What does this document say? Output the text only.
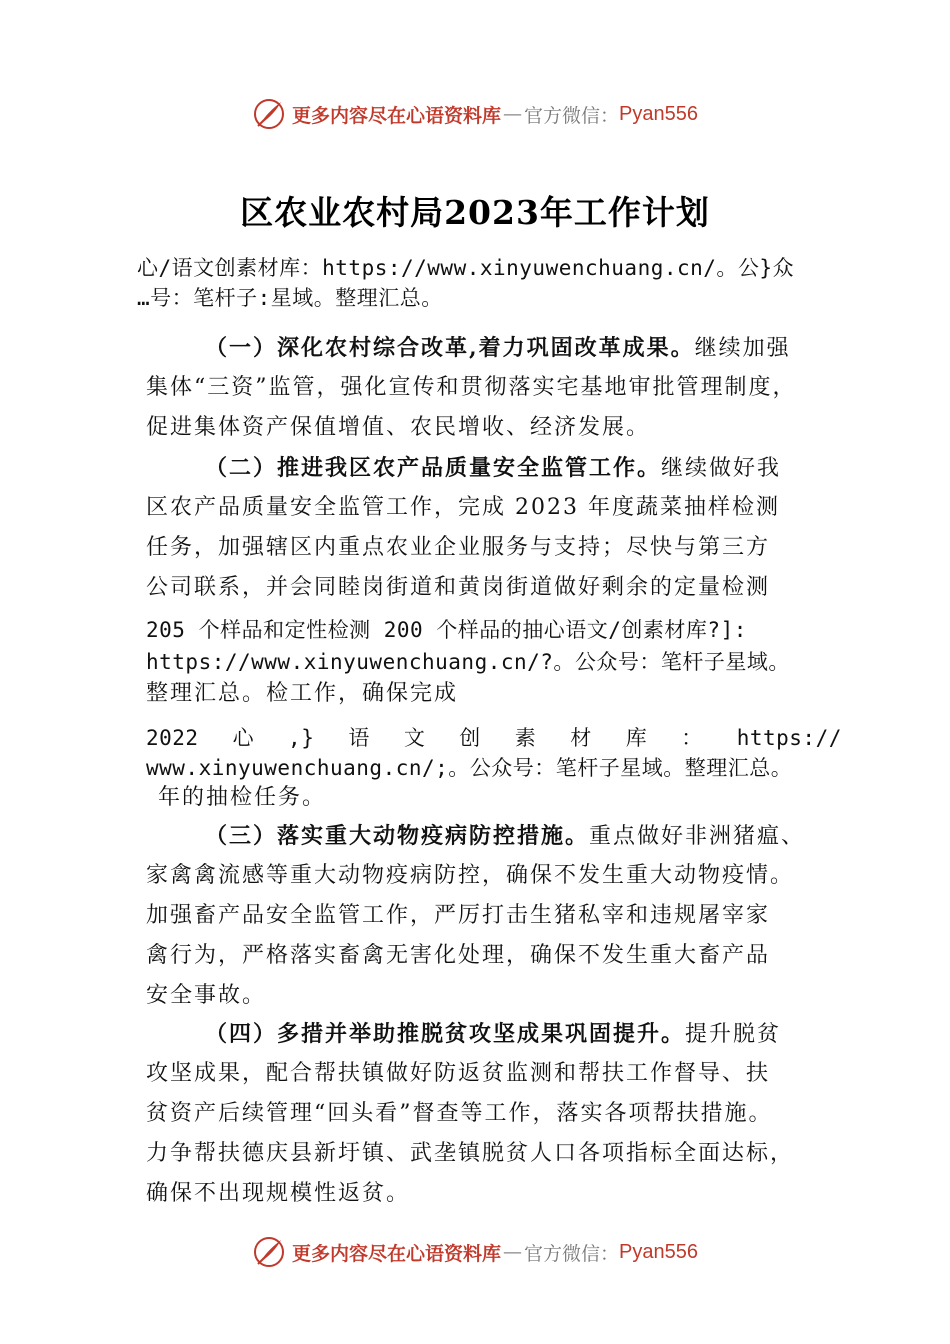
更多内容尽在心语资料库 — 官方微信： Pyan556
区农业农村局2023年工作计划
心/语文创素材库：https://www.xinyuwenchuang.cn/。公}众
…号：笔杆子:星域。整理汇总。
（一）深化农村综合改革,着力巩固改革成果。继续加强
集体“三资”监管，强化宣传和贯彻落实宅基地审批管理制度，
促进集体资产保值增值、农民增收、经济发展。
（二）推进我区农产品质量安全监管工作。继续做好我
区农产品质量安全监管工作，完成 2023 年度蔬菜抽样检测
任务，加强辖区内重点农业企业服务与支持；尽快与第三方
公司联系，并会同睦岗街道和黄岗街道做好剩余的定量检测
205 个样品和定性检测 200 个样品的抽心语文/创素材库?]:
https://www.xinyuwenchuang.cn/?。公众号：笔杆子星域。
整理汇总。检工作，确保完成
2022 心 ,} 语 文 创 素 材 库 ： https://
www.xinyuwenchuang.cn/;。公众号：笔杆子星域。整理汇总。
年的抽检任务。
（三）落实重大动物疫病防控措施。重点做好非洲猪瘟、
家禽禽流感等重大动物疫病防控，确保不发生重大动物疫情。
加强畜产品安全监管工作，严厉打击生猪私宰和违规屠宰家
禽行为，严格落实畜禽无害化处理，确保不发生重大畜产品
安全事故。
（四）多措并举助推脱贫攻坚成果巩固提升。提升脱贫
攻坚成果，配合帮扶镇做好防返贫监测和帮扶工作督导、扶
贫资产后续管理“回头看”督查等工作，落实各项帮扶措施。
力争帮扶德庆县新圩镇、武垄镇脱贫人口各项指标全面达标，
确保不出现规模性返贫。
更多内容尽在心语资料库 — 官方微信： Pyan556
